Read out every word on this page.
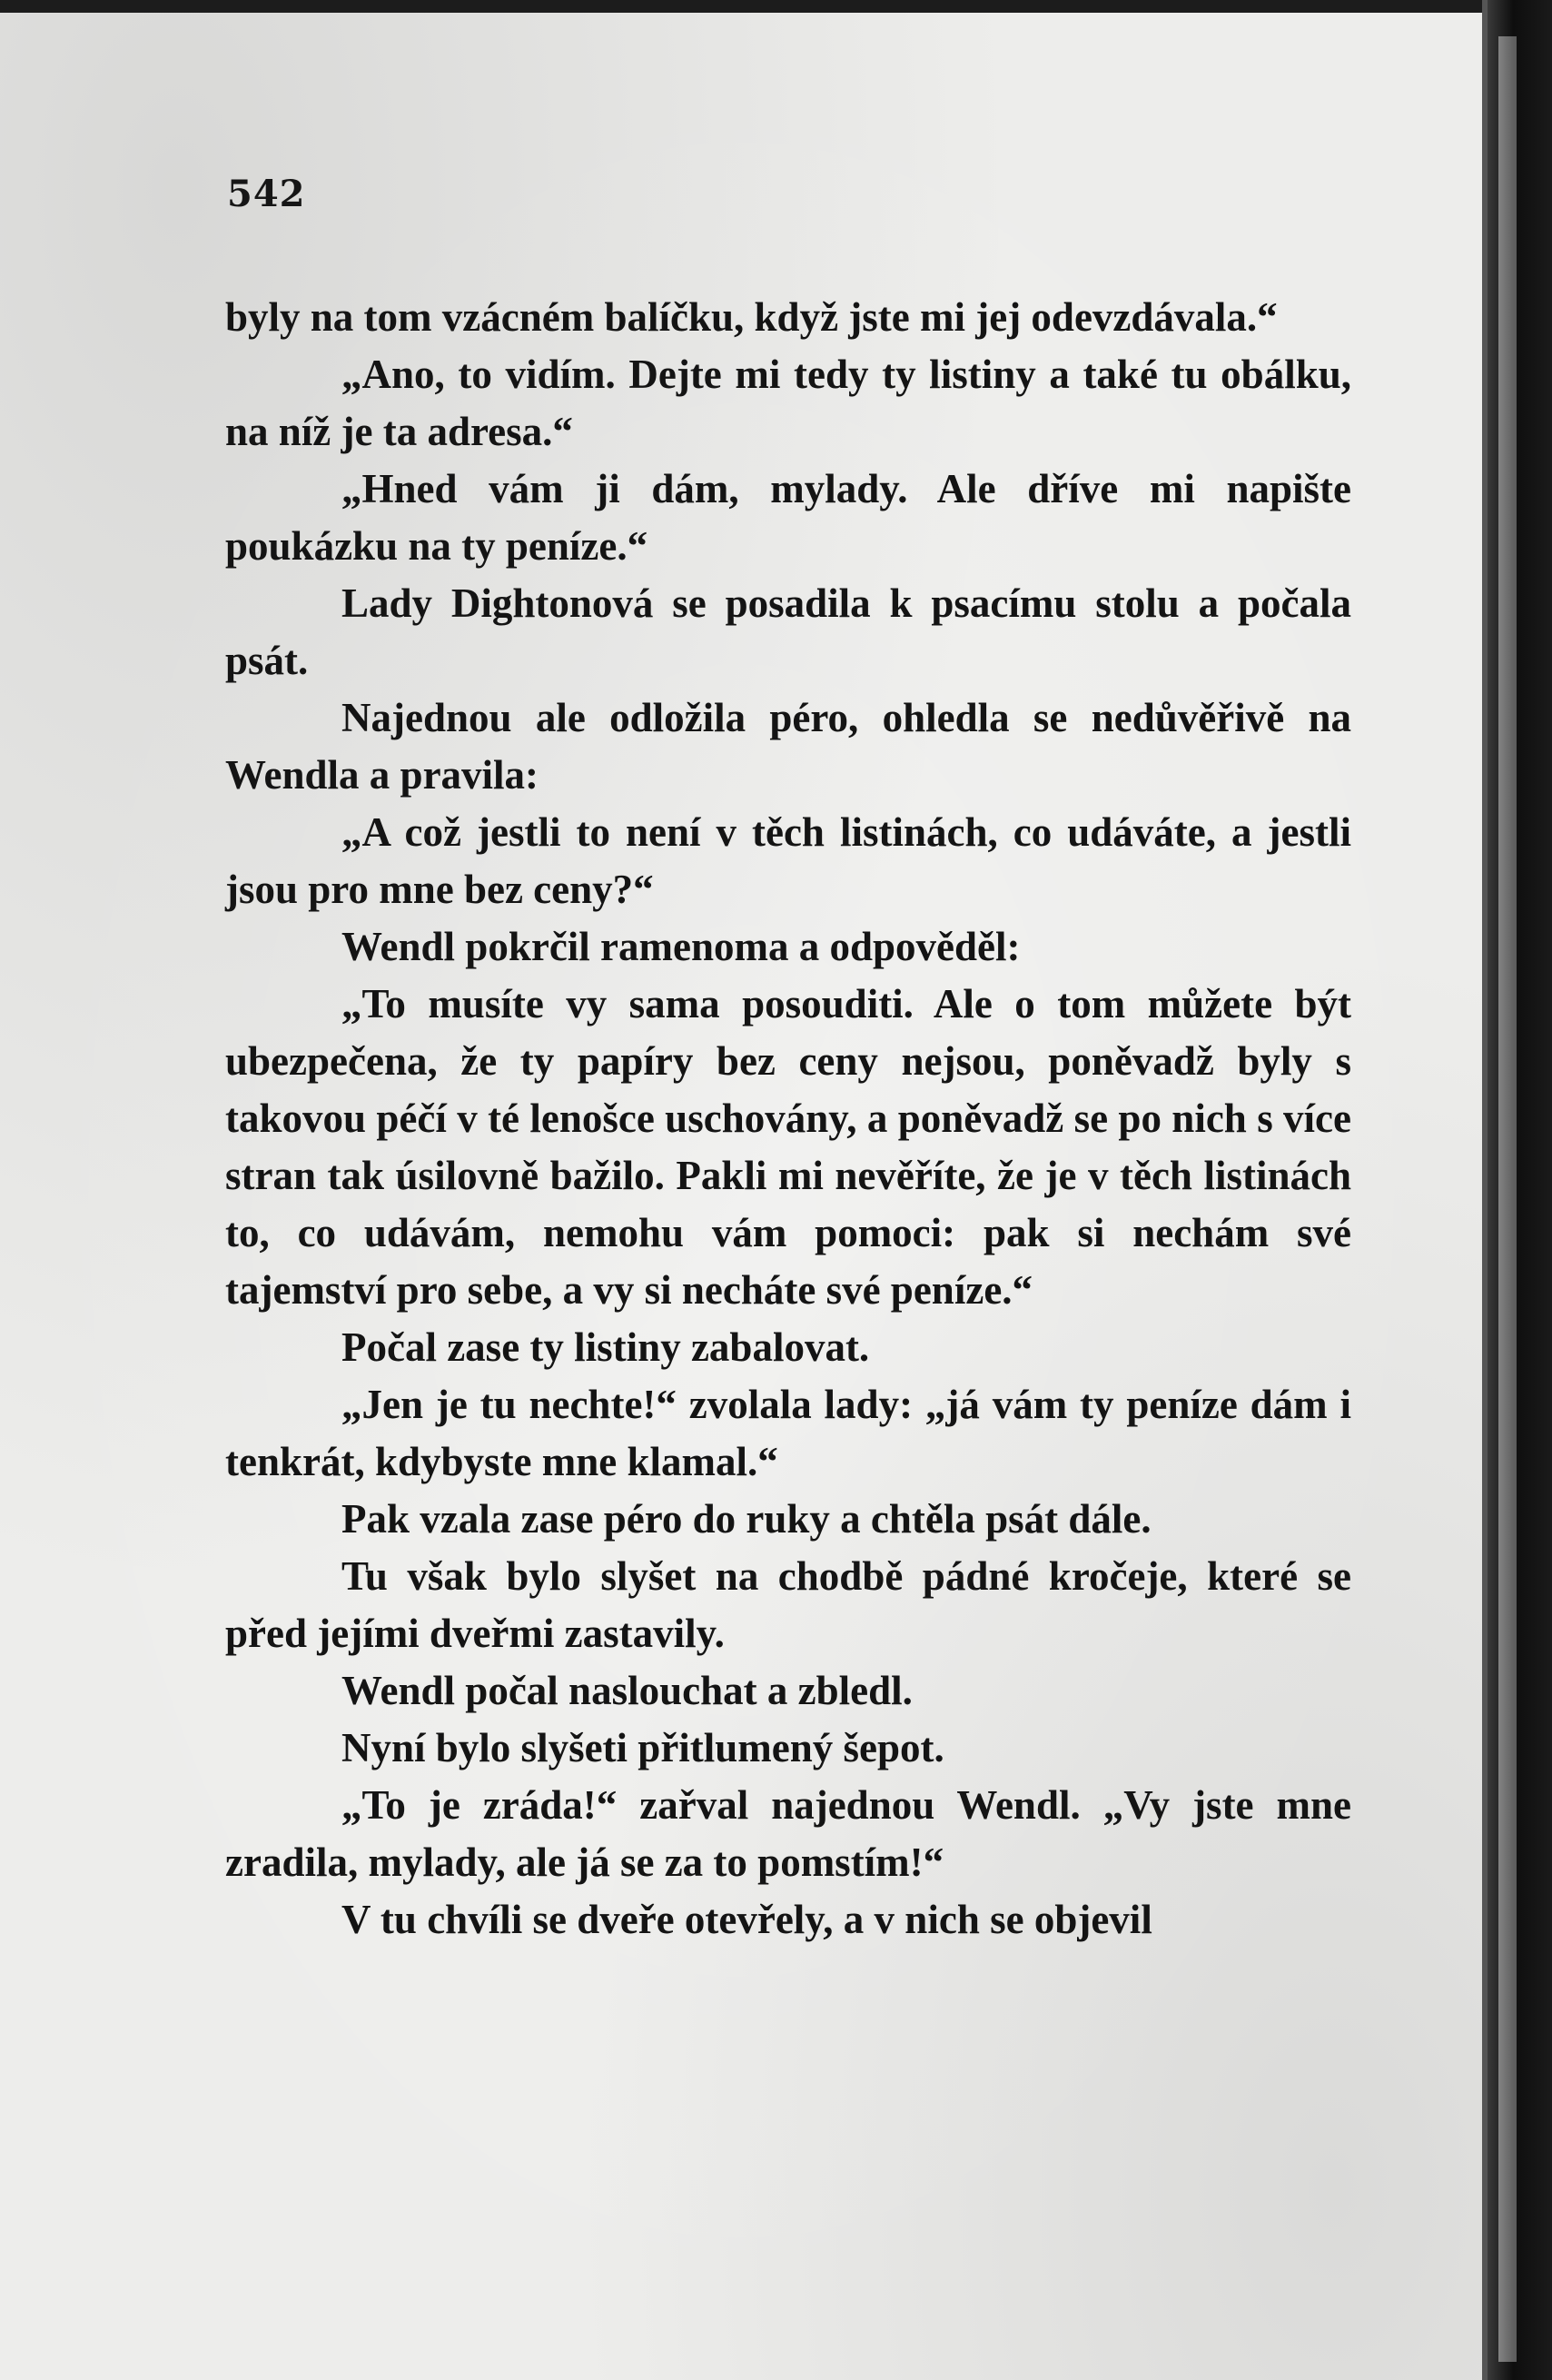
542

byly na tom vzácném balíčku, když jste mi jej odevzdávala.“

„Ano, to vidím. Dejte mi tedy ty listiny a také tu obálku, na níž je ta adresa.“

„Hned vám ji dám, mylady. Ale dříve mi napište poukázku na ty peníze.“

Lady Dightonová se posadila k psacímu stolu a počala psát.

Najednou ale odložila péro, ohledla se nedůvěřivě na Wendla a pravila:

„A což jestli to není v těch listinách, co udáváte, a jestli jsou pro mne bez ceny?“

Wendl pokrčil ramenoma a odpověděl:

„To musíte vy sama posouditi. Ale o tom můžete být ubezpečena, že ty papíry bez ceny nejsou, poněvadž byly s takovou péčí v té lenošce uschovány, a poněvadž se po nich s více stran tak úsilovně bažilo. Pakli mi nevěříte, že je v těch listinách to, co udávám, nemohu vám pomoci: pak si nechám své tajemství pro sebe, a vy si necháte své peníze.“

Počal zase ty listiny zabalovat.

„Jen je tu nechte!“ zvolala lady: „já vám ty peníze dám i tenkrát, kdybyste mne klamal.“

Pak vzala zase péro do ruky a chtěla psát dále.

Tu však bylo slyšet na chodbě pádné kročeje, které se před jejími dveřmi zastavily.

Wendl počal naslouchat a zbledl.

Nyní bylo slyšeti přitlumený šepot.

„To je zráda!“ zařval najednou Wendl. „Vy jste mne zradila, mylady, ale já se za to pomstím!“

V tu chvíli se dveře otevřely, a v nich se objevil
